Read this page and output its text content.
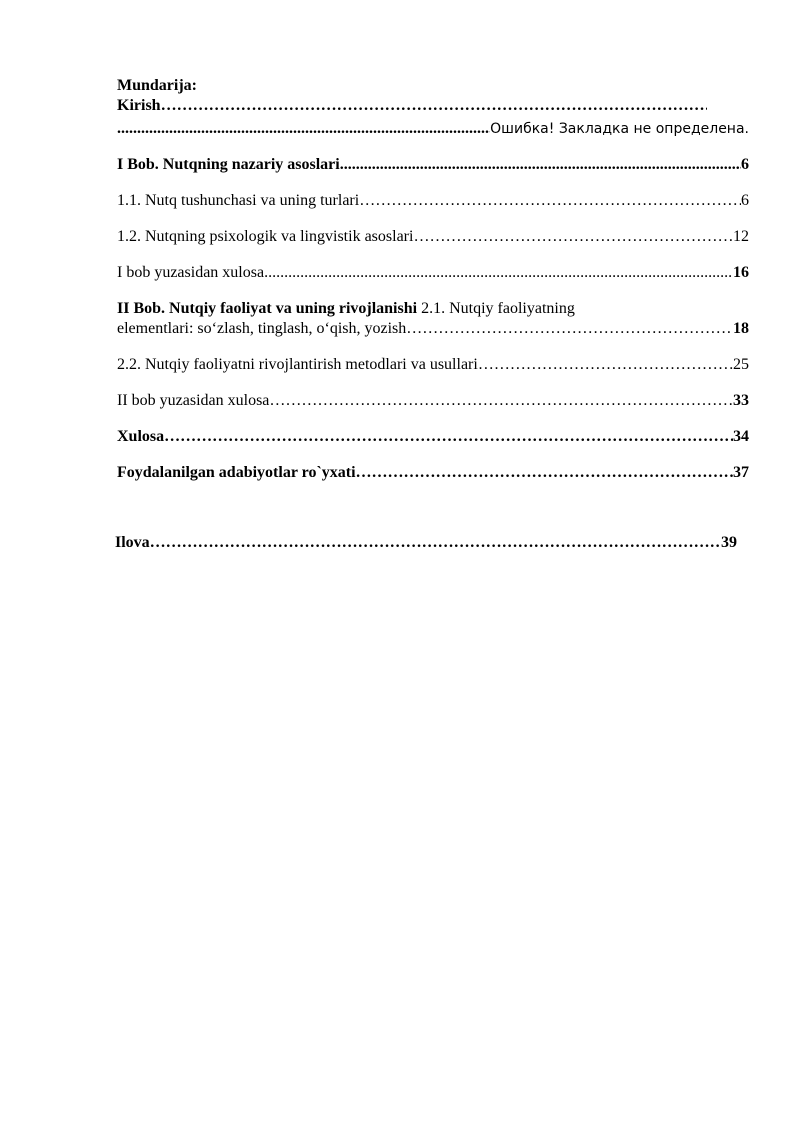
Mundarija:
Kirish
………………………………………………………………………………………………………………………………………………………………………………
.....
Ошибка! Закладка не определена.
I Bob. Nutqning nazariy asoslari .....	6
1.1. Nutq tushunchasi va uning turlari ………………………………………………………………………………………………………………………………………………………………………………	6
1.2. Nutqning psixologik va lingvistik asoslari ………………………………………………………………………………………………………………………………………………………………………………	12
I bob yuzasidan xulosa .....	16
II Bob. Nutqiy faoliyat va uning rivojlanishi 2.1. Nutqiy faoliyatning
elementlari: so‘zlash, tinglash, o‘qish, yozish ………………………………………………………………………………………………………………………………………………………………………………	18
2.2. Nutqiy faoliyatni rivojlantirish metodlari va usullari ………………………………………………………………………………………………………………………………………………………………………………	25
II bob yuzasidan xulosa ………………………………………………………………………………………………………………………………………………………………………………	33
Xulosa ………………………………………………………………………………………………………………………………………………………………………………	34
Foydalanilgan adabiyotlar ro`yxati ………………………………………………………………………………………………………………………………………………………………………………	37
Ilova ………………………………………………………………………………………………………………………………………………………………………………	39
